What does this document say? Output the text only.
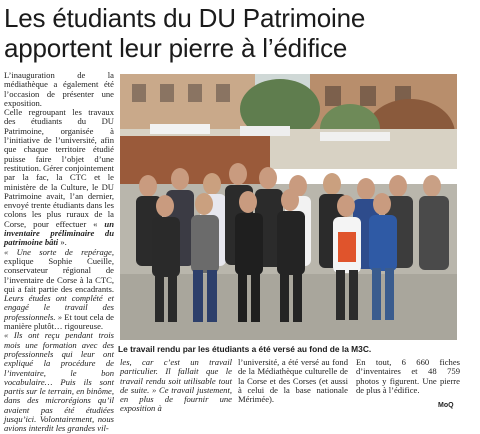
Les étudiants du DU Patrimoine
apportent leur pierre à l’édifice

L’inauguration de la médiathèque a également été l’occasion de présenter une exposition.

Celle regroupant les travaux des étudiants du DU Patrimoine, organisée à l’initiative de l’université, afin que chaque territoire étudié puisse faire l’objet d’une restitution. Gérer conjointement par la fac, la CTC et le ministère de la Culture, le DU Patrimoine avait, l’an dernier, envoyé trente étudiants dans les colons les plus ruraux de la Corse, pour effectuer « un inventaire préliminaire du patrimoine bâti ».

« Une sorte de repérage, explique Sophie Cueille, conservateur régional de l’inventaire de Corse à la CTC, qui a fait partie des encadrants. Leurs études ont complété et engagé le travail des professionnels. » Et tout cela de manière plutôt… rigoureuse.

« Ils ont reçu pendant trois mois une formation avec des professionnels qui leur ont expliqué la procédure de l’inventaire, le bon vocabulaire… Puis ils sont partis sur le terrain, en binôme, dans des microrégions qu’il avaient pas été étudiées jusqu’ici. Volontairement, nous avions interdit les grandes vil-

Le travail rendu par les étudiants a été versé au fond de la M3C.

les, car c’est un travail particulier. Il fallait que le travail rendu soit utilisable tout de suite. » Ce travail justement, en plus de fournir une exposition à

l’université, a été versé au fond de la Médiathèque culturelle de la Corse et des Corses (et aussi à celui de la base nationale Mérimée).

En tout, 6 660 fiches d’inventaires et 48 759 photos y figurent. Une pierre de plus à l’édifice.

MoQ
